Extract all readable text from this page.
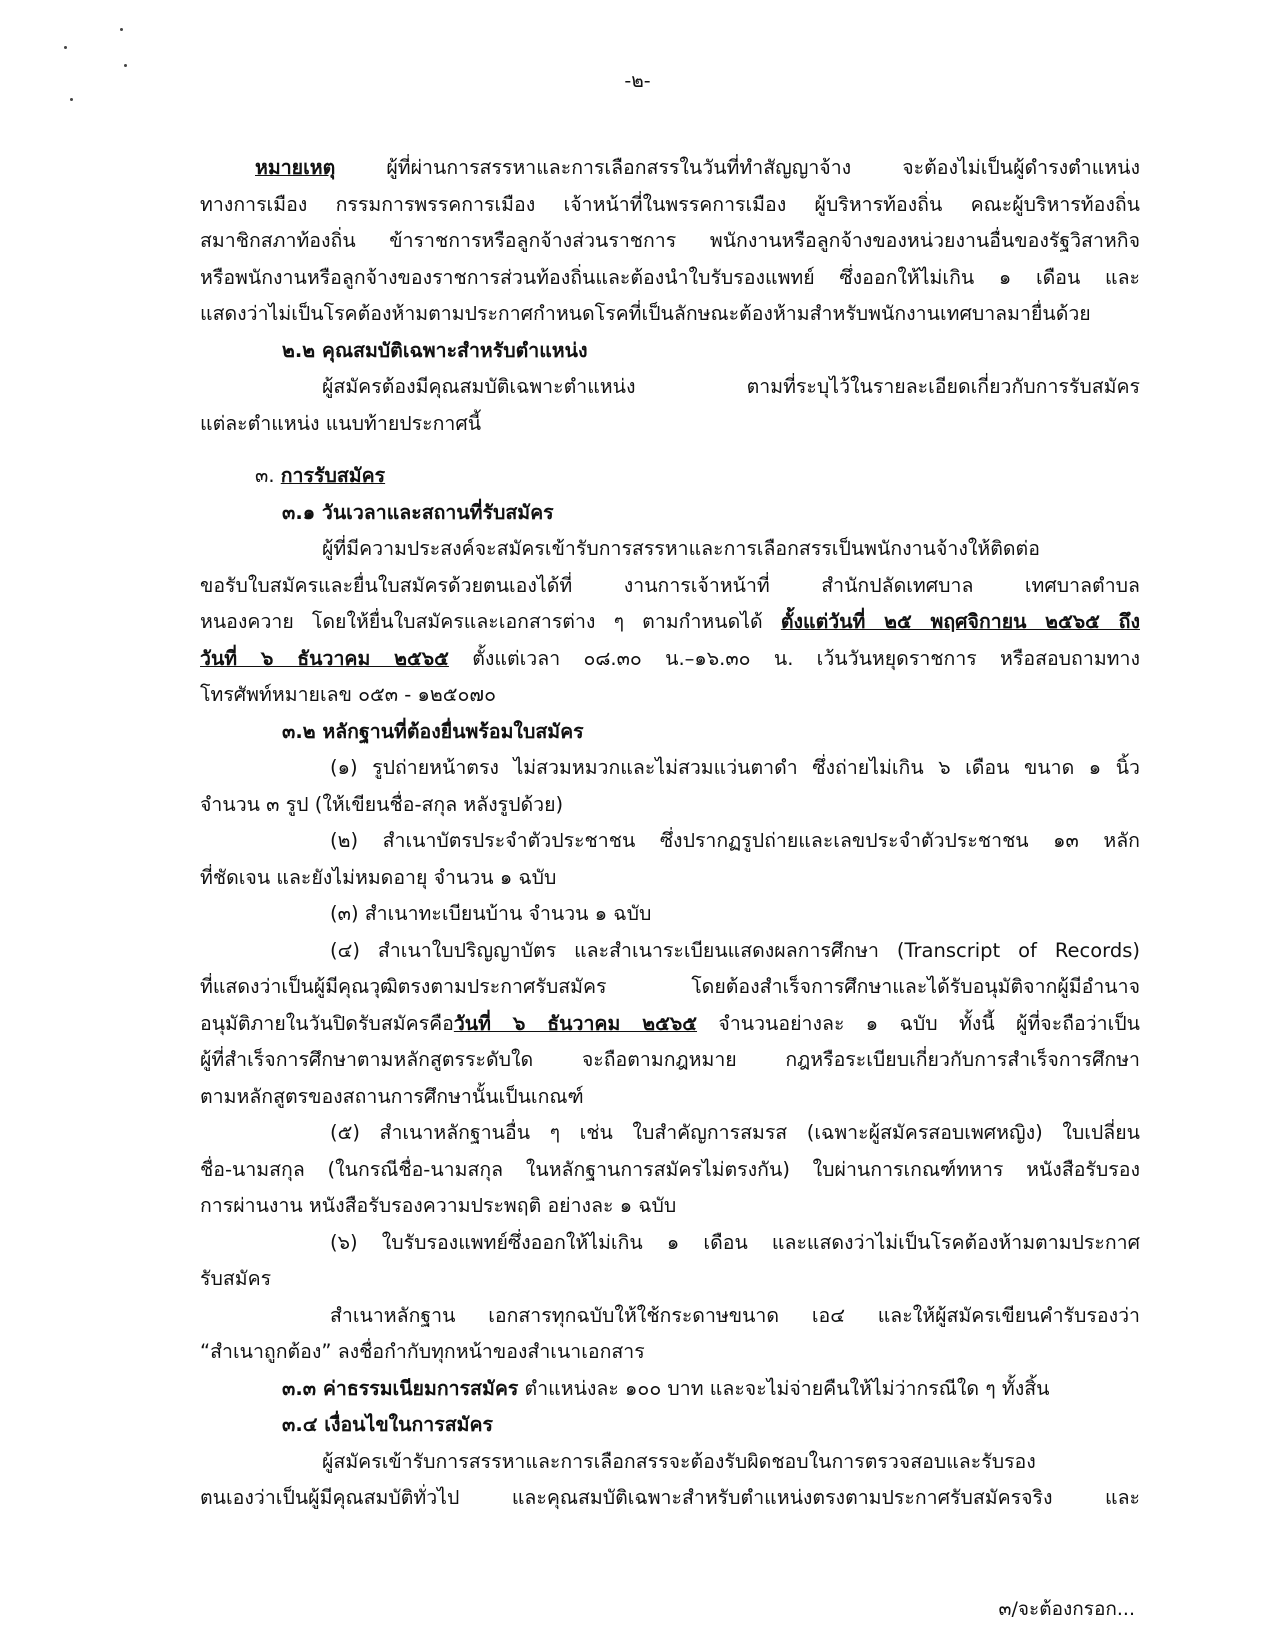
-๒-
หมายเหตุ ผู้ที่ผ่านการสรรหาและการเลือกสรรในวันที่ทำสัญญาจ้าง จะต้องไม่เป็นผู้ดำรงตำแหน่ง
ทางการเมือง กรรมการพรรคการเมือง เจ้าหน้าที่ในพรรคการเมือง ผู้บริหารท้องถิ่น คณะผู้บริหารท้องถิ่น
สมาชิกสภาท้องถิ่น ข้าราชการหรือลูกจ้างส่วนราชการ พนักงานหรือลูกจ้างของหน่วยงานอื่นของรัฐวิสาหกิจ
หรือพนักงานหรือลูกจ้างของราชการส่วนท้องถิ่นและต้องนำใบรับรองแพทย์ ซึ่งออกให้ไม่เกิน ๑ เดือน และ
แสดงว่าไม่เป็นโรคต้องห้ามตามประกาศกำหนดโรคที่เป็นลักษณะต้องห้ามสำหรับพนักงานเทศบาลมายื่นด้วย
๒.๒ คุณสมบัติเฉพาะสำหรับตำแหน่ง
ผู้สมัครต้องมีคุณสมบัติเฉพาะตำแหน่ง ตามที่ระบุไว้ในรายละเอียดเกี่ยวกับการรับสมัคร
แต่ละตำแหน่ง แนบท้ายประกาศนี้
๓. การรับสมัคร
๓.๑ วันเวลาและสถานที่รับสมัคร
ผู้ที่มีความประสงค์จะสมัครเข้ารับการสรรหาและการเลือกสรรเป็นพนักงานจ้างให้ติดต่อ
ขอรับใบสมัครและยื่นใบสมัครด้วยตนเองได้ที่ งานการเจ้าหน้าที่ สำนักปลัดเทศบาล เทศบาลตำบล
หนองควาย โดยให้ยื่นใบสมัครและเอกสารต่าง ๆ ตามกำหนดได้ ตั้งแต่วันที่ ๒๕ พฤศจิกายน ๒๕๖๕ ถึง
วันที่ ๖ ธันวาคม ๒๕๖๕ ตั้งแต่เวลา ๐๘.๓๐ น.–๑๖.๓๐ น. เว้นวันหยุดราชการ หรือสอบถามทาง
โทรศัพท์หมายเลข ๐๕๓ - ๑๒๕๐๗๐
๓.๒ หลักฐานที่ต้องยื่นพร้อมใบสมัคร
(๑) รูปถ่ายหน้าตรง ไม่สวมหมวกและไม่สวมแว่นตาดำ ซึ่งถ่ายไม่เกิน ๖ เดือน ขนาด ๑ นิ้ว
จำนวน ๓ รูป (ให้เขียนชื่อ-สกุล หลังรูปด้วย)
(๒) สำเนาบัตรประจำตัวประชาชน ซึ่งปรากฏรูปถ่ายและเลขประจำตัวประชาชน ๑๓ หลัก
ที่ชัดเจน และยังไม่หมดอายุ จำนวน ๑ ฉบับ
(๓) สำเนาทะเบียนบ้าน จำนวน ๑ ฉบับ
(๔) สำเนาใบปริญญาบัตร และสำเนาระเบียนแสดงผลการศึกษา (Transcript of Records)
ที่แสดงว่าเป็นผู้มีคุณวุฒิตรงตามประกาศรับสมัคร โดยต้องสำเร็จการศึกษาและได้รับอนุมัติจากผู้มีอำนาจ
อนุมัติภายในวันปิดรับสมัครคือวันที่ ๖ ธันวาคม ๒๕๖๕ จำนวนอย่างละ ๑ ฉบับ ทั้งนี้ ผู้ที่จะถือว่าเป็น
ผู้ที่สำเร็จการศึกษาตามหลักสูตรระดับใด จะถือตามกฎหมาย กฎหรือระเบียบเกี่ยวกับการสำเร็จการศึกษา
ตามหลักสูตรของสถานการศึกษานั้นเป็นเกณฑ์
(๕) สำเนาหลักฐานอื่น ๆ เช่น ใบสำคัญการสมรส (เฉพาะผู้สมัครสอบเพศหญิง) ใบเปลี่ยน
ชื่อ-นามสกุล (ในกรณีชื่อ-นามสกุล ในหลักฐานการสมัครไม่ตรงกัน) ใบผ่านการเกณฑ์ทหาร หนังสือรับรอง
การผ่านงาน หนังสือรับรองความประพฤติ อย่างละ ๑ ฉบับ
(๖) ใบรับรองแพทย์ซึ่งออกให้ไม่เกิน ๑ เดือน และแสดงว่าไม่เป็นโรคต้องห้ามตามประกาศ
รับสมัคร
สำเนาหลักฐาน เอกสารทุกฉบับให้ใช้กระดาษขนาด เอ๔ และให้ผู้สมัครเขียนคำรับรองว่า
“สำเนาถูกต้อง” ลงชื่อกำกับทุกหน้าของสำเนาเอกสาร
๓.๓ ค่าธรรมเนียมการสมัคร ตำแหน่งละ ๑๐๐ บาท และจะไม่จ่ายคืนให้ไม่ว่ากรณีใด ๆ ทั้งสิ้น
๓.๔ เงื่อนไขในการสมัคร
ผู้สมัครเข้ารับการสรรหาและการเลือกสรรจะต้องรับผิดชอบในการตรวจสอบและรับรอง
ตนเองว่าเป็นผู้มีคุณสมบัติทั่วไป และคุณสมบัติเฉพาะสำหรับตำแหน่งตรงตามประกาศรับสมัครจริง และ
๓/จะต้องกรอก...
